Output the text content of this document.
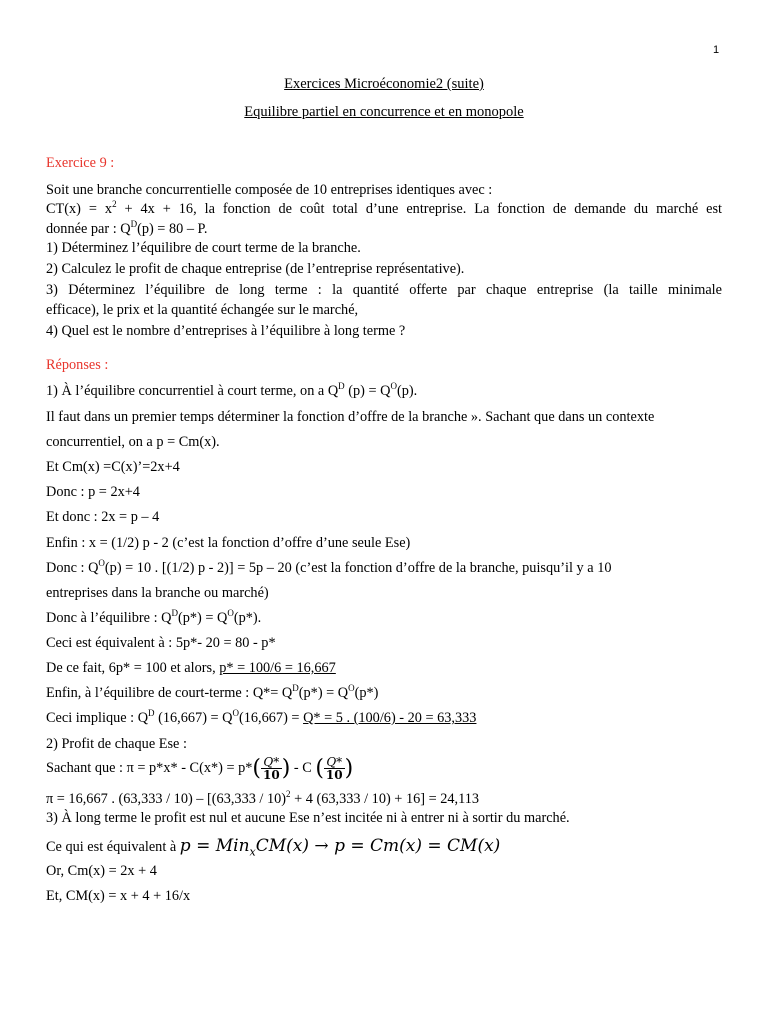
1
Exercices Microéconomie2 (suite)
Equilibre partiel en concurrence et en monopole
Exercice 9 :
Soit une branche concurrentielle composée de 10 entreprises identiques avec :
$CT(x) = x^2 + 4x + 16$, la fonction de coût total d’une entreprise. La fonction de demande du marché est
donnée par : $Q^D(p) = 80 - P$.
1) Déterminez l’équilibre de court terme de la branche.
2) Calculez le profit de chaque entreprise (de l’entreprise représentative).
3) Déterminez l’équilibre de long terme : la quantité offerte par chaque entreprise (la taille minimale
efficace), le prix et la quantité échangée sur le marché,
4) Quel est le nombre d’entreprises à l’équilibre à long terme ?
Réponses :
1) À l’équilibre concurrentiel à court terme, on a $Q^D$ $(p) = Q^O(p)$.
Il faut dans un premier temps déterminer la fonction d’offre de la branche ». Sachant que dans un contexte
concurrentiel, on a p = Cm(x).
Et Cm(x) =C(x)’=2x+4
Donc : p = 2x+4
Et donc : 2x = p – 4
Enfin : x = (1/2) p - 2 (c’est la fonction d’offre d’une seule Ese)
Donc : $Q^O(p) = 10$ . [(1/2) p - 2)] = 5p – 20 (c’est la fonction d’offre de la branche, puisqu’il y a 10
entreprises dans la branche ou marché)
Donc à l’équilibre : $Q^D(p*) = Q^O(p*)$.
Ceci est équivalent à : 5p*- 20 = 80 - p*
De ce fait, 6p* = 100 et alors, p* = 100/6 = 16,667
Enfin, à l’équilibre de court-terme : $Q*= Q^D(p*) = Q^O(p*)$
Ceci implique : $Q^D$ $(16,667) = Q^O(16,667) = Q* = 5$ . (100/6) - 20 = 63,333
2) Profit de chaque Ese :
Sachant que : $\pi = p*x* - C(x*) = p*( \frac{Q*}{10}$ ) - C ( $\frac{Q*}{10}$ )
π = 16,667 . (63,333 / 10) – [(63,333 / 10)$^2$ + 4 (63,333 / 10) + 16] = 24,113
3) À long terme le profit est nul et aucune Ese n’est incitée ni à entrer ni à sortir du marché.
Ce qui est équivalent à p = Min$_x$CM(x) → p = Cm(x) = CM(x)
Or, Cm(x) = 2x + 4
Et, CM(x) = x + 4 + 16/x
